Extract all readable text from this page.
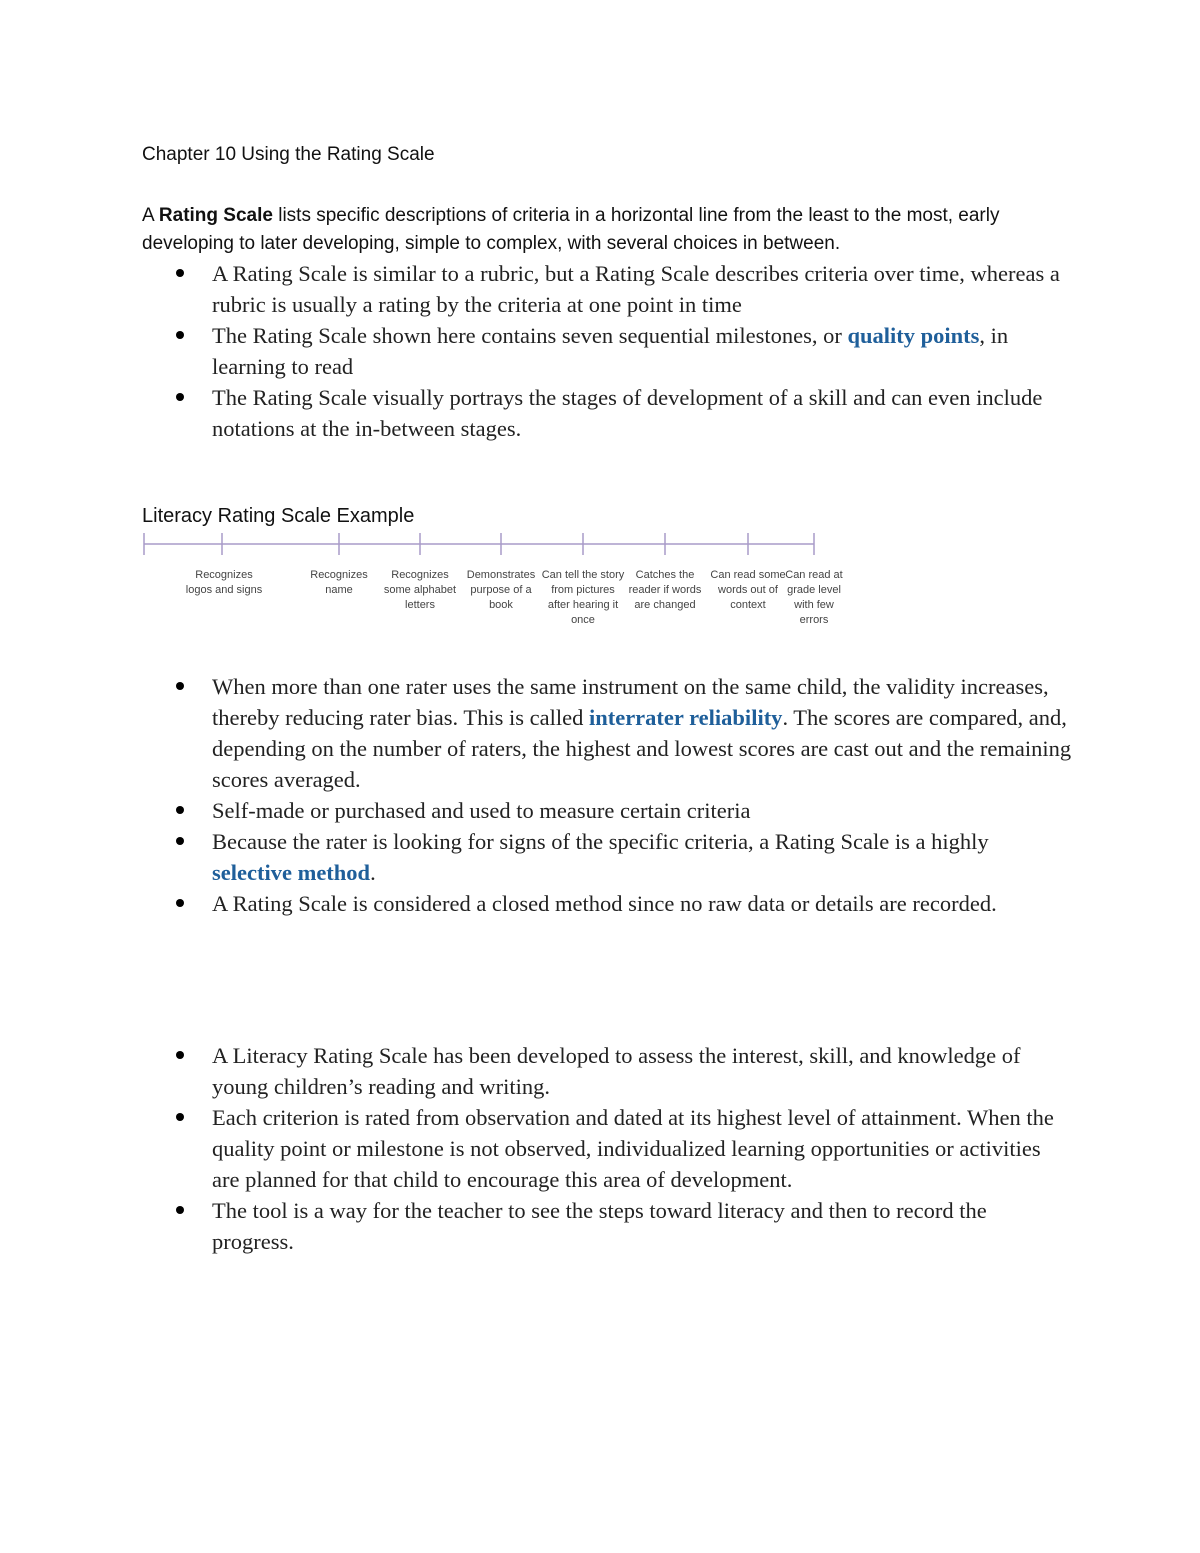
Chapter 10 Using the Rating Scale
A Rating Scale lists specific descriptions of criteria in a horizontal line from the least to the most, early developing to later developing, simple to complex, with several choices in between.
A Rating Scale is similar to a rubric, but a Rating Scale describes criteria over time, whereas a rubric is usually a rating by the criteria at one point in time
The Rating Scale shown here contains seven sequential milestones, or quality points, in learning to read
The Rating Scale visually portrays the stages of development of a skill and can even include notations at the in-between stages.
Literacy Rating Scale Example
Recognizes logos and signs
Recognizes name
Recognizes some alphabet letters
Demonstrates purpose of a book
Can tell the story from pictures after hearing it once
Catches the reader if words are changed
Can read some words out of context
Can read at grade level with few errors
When more than one rater uses the same instrument on the same child, the validity increases, thereby reducing rater bias. This is called interrater reliability. The scores are compared, and, depending on the number of raters, the highest and lowest scores are cast out and the remaining scores averaged.
Self-made or purchased and used to measure certain criteria
Because the rater is looking for signs of the specific criteria, a Rating Scale is a highly selective method.
A Rating Scale is considered a closed method since no raw data or details are recorded.
A Literacy Rating Scale has been developed to assess the interest, skill, and knowledge of young children’s reading and writing.
Each criterion is rated from observation and dated at its highest level of attainment. When the quality point or milestone is not observed, individualized learning opportunities or activities are planned for that child to encourage this area of development.
The tool is a way for the teacher to see the steps toward literacy and then to record the progress.
